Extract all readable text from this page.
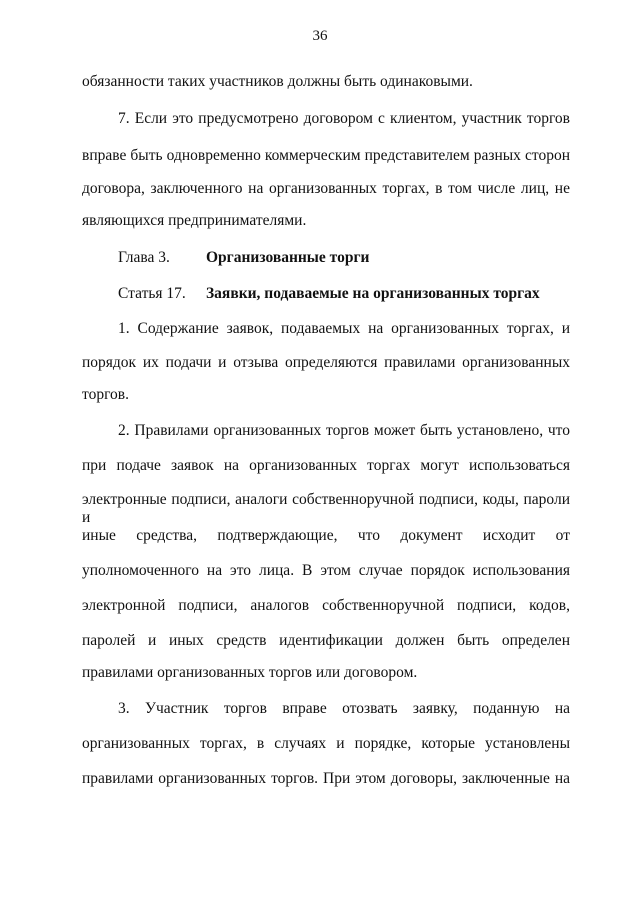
36
обязанности таких участников должны быть одинаковыми.
7. Если это предусмотрено договором с клиентом, участник торгов
вправе быть одновременно коммерческим представителем разных сторон
договора, заключенного на организованных торгах, в том числе лиц, не
являющихся предпринимателями.
Глава 3. Организованные торги
Статья 17. Заявки, подаваемые на организованных торгах
1. Содержание заявок, подаваемых на организованных торгах, и
порядок их подачи и отзыва определяются правилами организованных
торгов.
2. Правилами организованных торгов может быть установлено, что
при подаче заявок на организованных торгах могут использоваться
электронные подписи, аналоги собственноручной подписи, коды, пароли и
иные средства, подтверждающие, что документ исходит от
уполномоченного на это лица. В этом случае порядок использования
электронной подписи, аналогов собственноручной подписи, кодов,
паролей и иных средств идентификации должен быть определен
правилами организованных торгов или договором.
3. Участник торгов вправе отозвать заявку, поданную на
организованных торгах, в случаях и порядке, которые установлены
правилами организованных торгов. При этом договоры, заключенные на
